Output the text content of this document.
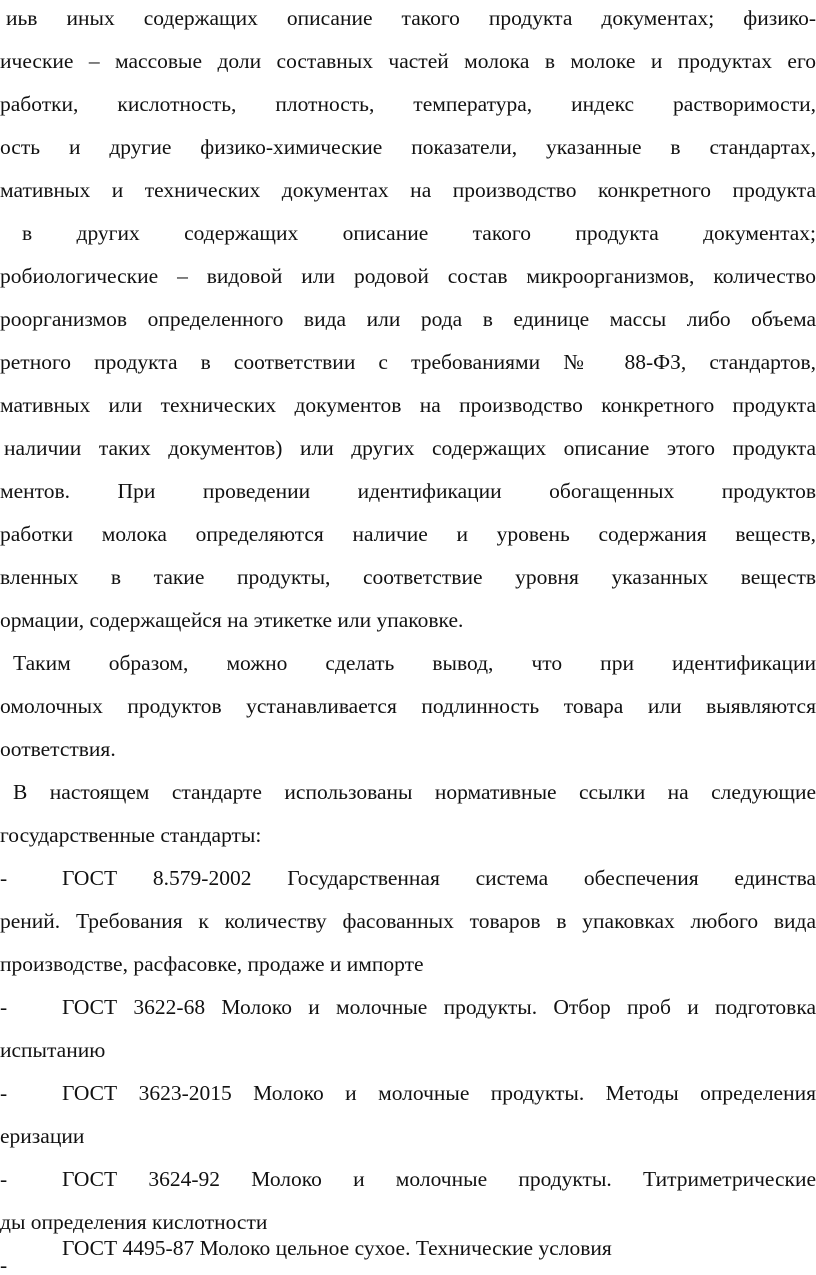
иьв иных содержащих описание такого продукта документах; физико-
ические – массовые доли составных частей молока в молоке и продуктах его
работки, кислотность, плотность, температура, индекс растворимости,
ость и другие физико-химические показатели, указанные в стандартах,
мативных и технических документах на производство конкретного продукта
в других содержащих описание такого продукта документах;
робиологические – видовой или родовой состав микроорганизмов, количество
роорганизмов определенного вида или рода в единице массы либо объема
ретного продукта в соответствии с требованиями № 88-ФЗ, стандартов,
мативных или технических документов на производство конкретного продукта
наличии таких документов) или других содержащих описание этого продукта
ментов. При проведении идентификации обогащенных продуктов
работки молока определяются наличие и уровень содержания веществ,
вленных в такие продукты, соответствие уровня указанных веществ
ормации, содержащейся на этикетке или упаковке.
Таким образом, можно сделать вывод, что при идентификации
омолочных продуктов устанавливается подлинность товара или выявляются
оответствия.
В настоящем стандарте использованы нормативные ссылки на следующие
государственные стандарты:
-	ГОСТ 8.579-2002 Государственная система обеспечения единства
рений. Требования к количеству фасованных товаров в упаковках любого вида
производстве, расфасовке, продаже и импорте
-	ГОСТ 3622-68 Молоко и молочные продукты. Отбор проб и подготовка
испытанию
-	ГОСТ 3623-2015 Молоко и молочные продукты. Методы определения
еризации
-	ГОСТ 3624-92 Молоко и молочные продукты. Титриметрические
ды определения кислотности
-
ГОСТ 4495-87 Молоко цельное сухое. Технические условия
